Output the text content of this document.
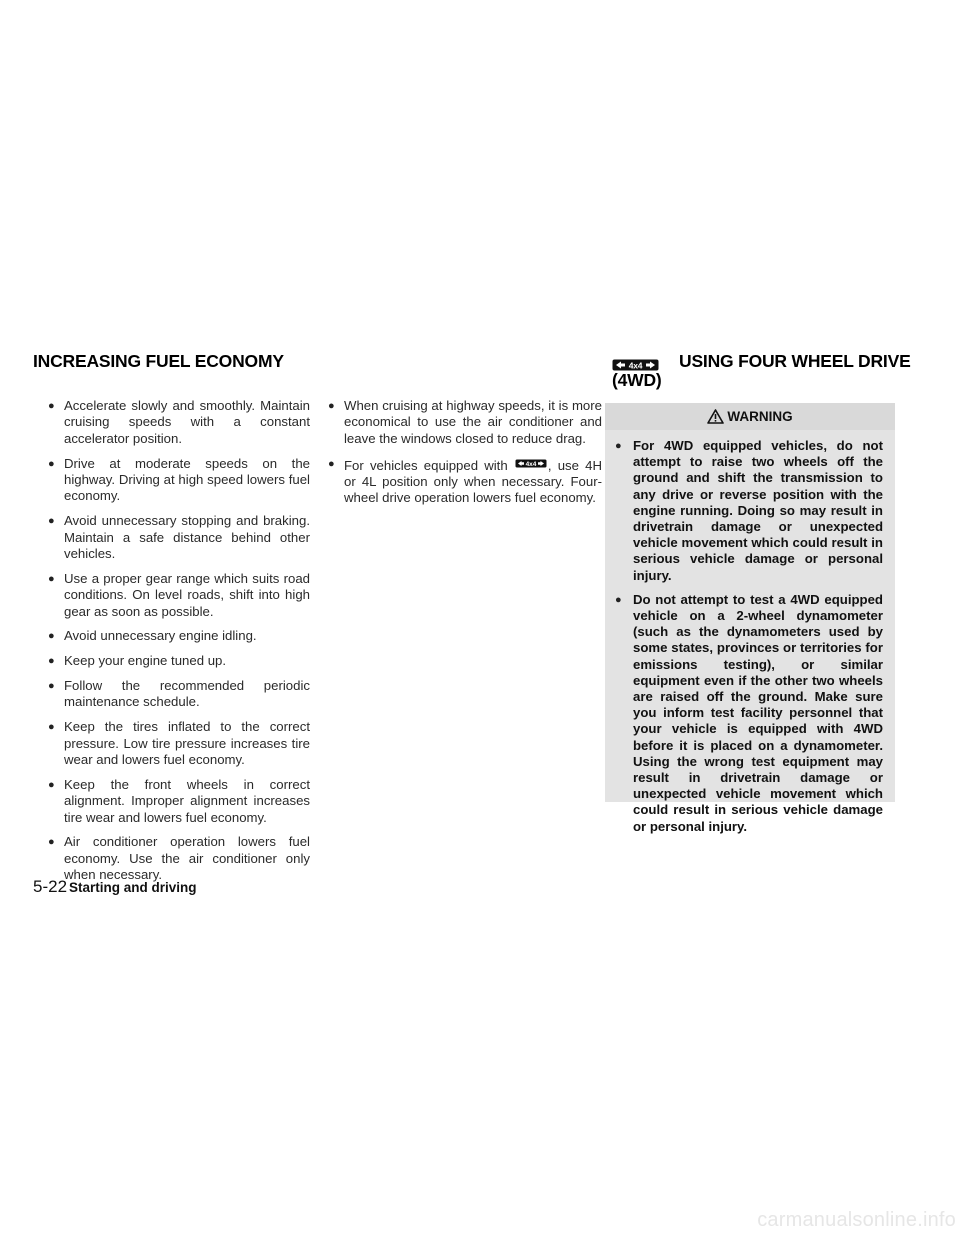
INCREASING FUEL ECONOMY	4x4 USING FOUR WHEEL DRIVE
(4WD)
● Accelerate slowly and smoothly. Maintain cruising speeds with a constant accelerator position.
● Drive at moderate speeds on the highway. Driving at high speed lowers fuel economy.
● Avoid unnecessary stopping and braking. Maintain a safe distance behind other vehicles.
● Use a proper gear range which suits road conditions. On level roads, shift into high gear as soon as possible.
● Avoid unnecessary engine idling.
● Keep your engine tuned up.
● Follow the recommended periodic maintenance schedule.
● Keep the tires inflated to the correct pressure. Low tire pressure increases tire wear and lowers fuel economy.
● Keep the front wheels in correct alignment. Improper alignment increases tire wear and lowers fuel economy.
● Air conditioner operation lowers fuel economy. Use the air conditioner only when necessary.
● When cruising at highway speeds, it is more economical to use the air conditioner and leave the windows closed to reduce drag.
● For vehicles equipped with	4x4 , use 4H or 4L position only when necessary. Four-wheel drive operation lowers fuel economy.
WARNING
● For 4WD equipped vehicles, do not attempt to raise two wheels off the ground and shift the transmission to any drive or reverse position with the engine running. Doing so may result in drivetrain damage or unexpected vehicle movement which could result in serious vehicle damage or personal injury.
● Do not attempt to test a 4WD equipped vehicle on a 2-wheel dynamometer (such as the dynamometers used by some states, provinces or territories for emissions testing), or similar equipment even if the other two wheels are raised off the ground. Make sure you inform test facility personnel that your vehicle is equipped with 4WD before it is placed on a dynamometer. Using the wrong test equipment may result in drivetrain damage or unexpected vehicle movement which could result in serious vehicle damage or personal injury.
5-22 Starting and driving
carmanualsonline.info
